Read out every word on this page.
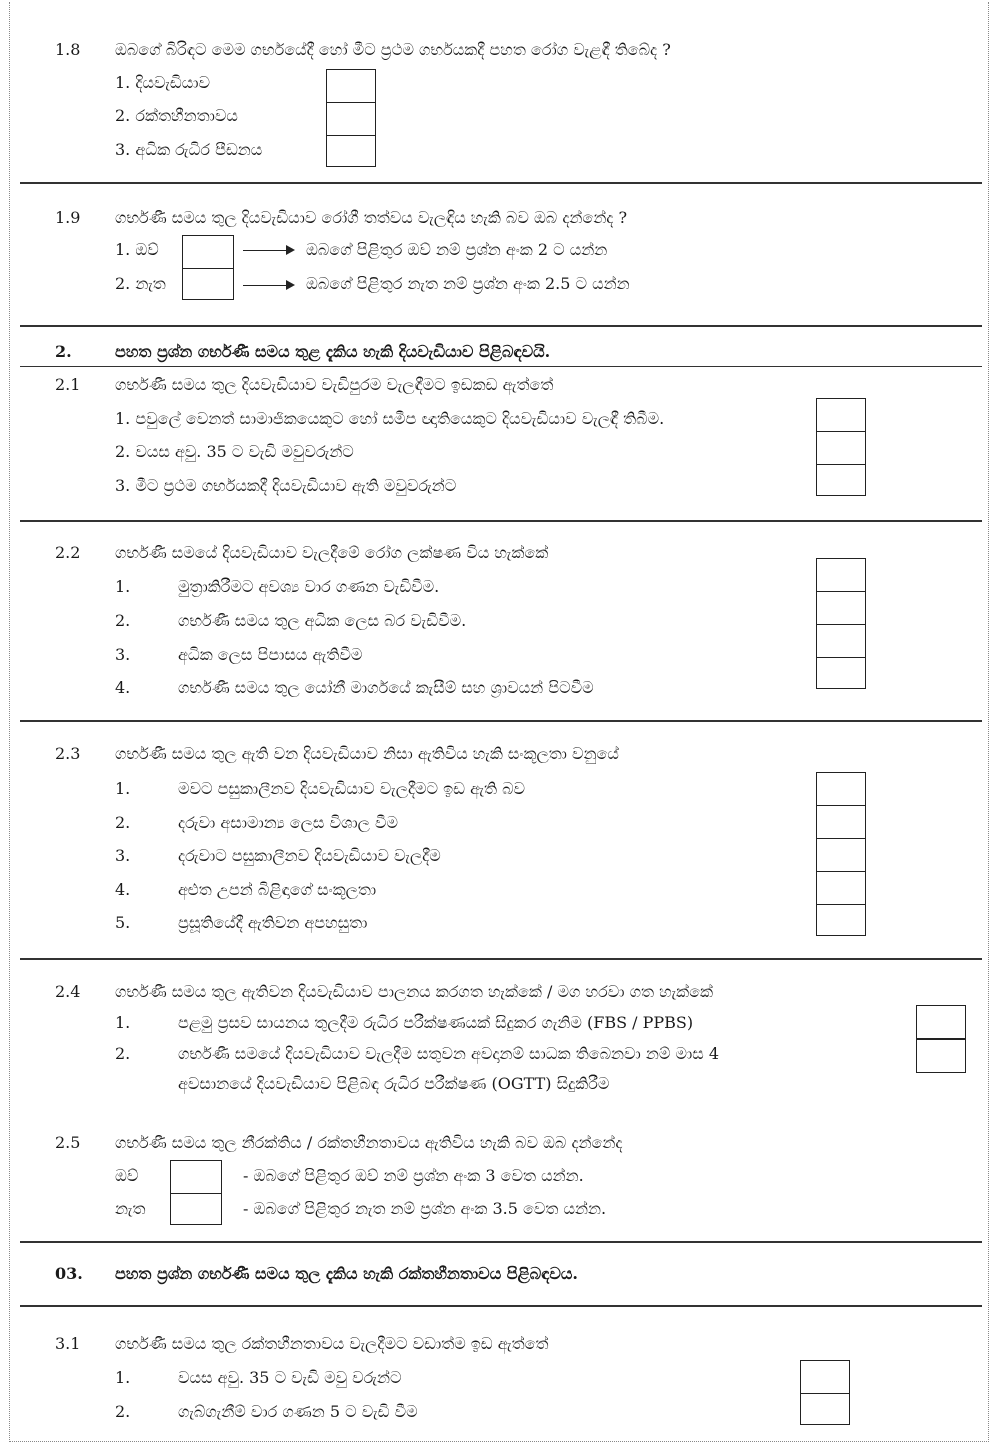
1.8 ඔබගේ බිරිඳට මෙම ගර්භයේදී හෝ මීට ප්‍රථම ගර්භයකදී පහත රෝග වැළඳී තිබේද ?
1. දියවැඩියාව
2. රක්තහීනතාවය
3. අධික රුධිර පීඩනය
1.9 ගර්භණී සමය තුල දියවැඩියාව රෝගී තත්වය වැලඳිය හැකි බව ඔබ දන්නේද ?
1. ඔව්	ඔබගේ පිළිතුර ඔව් නම් ප්‍රශ්න අංක 2 ට යන්න
2. නැත	ඔබගේ පිළිතුර නැත නම් ප්‍රශ්න අංක 2.5 ට යන්න
2.	පහත ප්‍රශ්න ගර්භණී සමය තුළ දැකිය හැකි දියවැඩියාව පිළිබඳවයි.
2.1 ගර්භණී සමය තුල දියවැඩියාව වැඩිපුරම වැලඳීමට ඉඩකඩ ඇත්තේ
1. පවුලේ වෙනත් සාමාජිකයෙකුට හෝ සමීප ඥාතියෙකුට දියවැඩියාව වැලඳී තිබීම.
2. වයස අවු. 35 ට වැඩි මවුවරුන්ට
3. මීට ප්‍රථම ගර්භයකදී දියවැඩියාව ඇති මවුවරුන්ට
2.2 ගර්භණී සමයේ දියවැඩියාව වැලදීමේ රෝග ලක්ෂණ විය හැක්කේ
1.	මුත්‍රාකිරීමට අවශ්‍ය වාර ගණන වැඩිවීම.
2.	ගර්භණී සමය තුල අධික ලෙස බර වැඩිවීම.
3.	අධික ලෙස පිපාසය ඇතිවීම
4.	ගර්භණී සමය තුල යෝනී මාර්ගයේ කැසීම් සහ ශ්‍රාවයන් පිටවීම
2.3 ගර්භණී සමය තුල ඇති වන දියවැඩියාව නිසා ඇතිවිය හැකි සංකූලතා වනුයේ
1.	මවට පසුකාලීනව දියවැඩියාව වැලදීමට ඉඩ ඇති බව
2.	දරුවා අසාමාන්‍ය ලෙස විශාල වීම
3.	දරුවාට පසුකාලීනව දියවැඩියාව වැලදීම
4.	අළුත උපන් බිළිඳාගේ සංකූලතා
5.	ප්‍රසූතියේදී ඇතිවන අපහසුතා
2.4 ගර්භණී සමය තුල ඇතිවන දියවැඩියාව පාලනය කරගත හැක්කේ / මග හරවා ගත හැක්කේ
1.	පළමු ප්‍රසව සායනය තුලදීම රුධිර පරීක්ෂණයක් සිදුකර ගැනිම (FBS / PPBS)
2.	ගර්භණී සමයේ දියවැඩියාව වැලදීම සතුවන අවදානම් සාධක තිබෙනවා නම් මාස 4
අවසානයේ දියවැඩියාව පිළිබඳ රුධිර පරීක්ෂණ (OGTT) සිදුකිරීම
2.5 ගර්භණී සමය තුල නීරක්තිය / රක්තහීනතාවය ඇතිවිය හැකි බව ඔබ දන්නේද
ඔව්	- ඔබගේ පිළිතුර ඔව් නම් ප්‍රශ්න අංක 3 වෙත යන්න.
නැත	- ඔබගේ පිළිතුර නැත නම් ප්‍රශ්න අංක 3.5 වෙත යන්න.
03. පහත ප්‍රශ්න ගර්භණී සමය තුල දැකිය හැකි රක්තහීනතාවය පිළිබඳවය.
3.1 ගර්භණී සමය තුල රක්තහීනතාවය වැලදීමට වඩාත්ම ඉඩ ඇත්තේ
1.	වයස අවු. 35 ට වැඩි මවු වරුන්ට
2.	ගැබ්ගැනීම් වාර ගණන 5 ට වැඩි වීම
